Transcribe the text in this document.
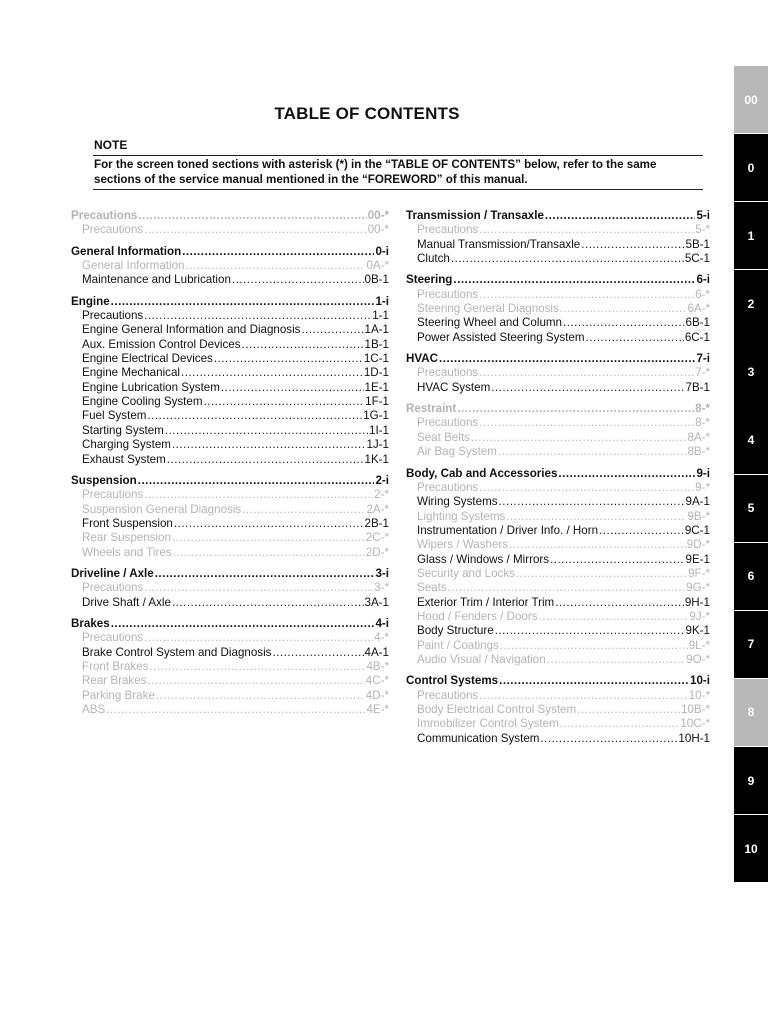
TABLE OF CONTENTS
NOTE
For the screen toned sections with asterisk (*) in the “TABLE OF CONTENTS” below, refer to the same sections of the service manual mentioned in the “FOREWORD” of this manual.
Precautions .....	00-*
Precautions .....	00-*
General Information .....	0-i
General Information .....	0A-*
Maintenance and Lubrication .....	0B-1
Engine .....	1-i
Precautions .....	1-1
Engine General Information and Diagnosis .....	1A-1
Aux. Emission Control Devices .....	1B-1
Engine Electrical Devices .....	1C-1
Engine Mechanical .....	1D-1
Engine Lubrication System .....	1E-1
Engine Cooling System .....	1F-1
Fuel System .....	1G-1
Starting System .....	1I-1
Charging System .....	1J-1
Exhaust System .....	1K-1
Suspension .....	2-i
Precautions .....	2-*
Suspension General Diagnosis .....	2A-*
Front Suspension .....	2B-1
Rear Suspension .....	2C-*
Wheels and Tires .....	2D-*
Driveline / Axle .....	3-i
Precautions .....	3-*
Drive Shaft / Axle .....	3A-1
Brakes .....	4-i
Precautions .....	4-*
Brake Control System and Diagnosis .....	4A-1
Front Brakes .....	4B-*
Rear Brakes .....	4C-*
Parking Brake .....	4D-*
ABS .....	4E-*
Transmission / Transaxle .....	5-i
Precautions .....	5-*
Manual Transmission/Transaxle .....	5B-1
Clutch .....	5C-1
Steering .....	6-i
Precautions .....	6-*
Steering General Diagnosis .....	6A-*
Steering Wheel and Column .....	6B-1
Power Assisted Steering System .....	6C-1
HVAC .....	7-i
Precautions .....	7-*
HVAC System .....	7B-1
Restraint .....	8-*
Precautions .....	8-*
Seat Belts .....	8A-*
Air Bag System .....	8B-*
Body, Cab and Accessories .....	9-i
Precautions .....	9-*
Wiring Systems .....	9A-1
Lighting Systems .....	9B-*
Instrumentation / Driver Info. / Horn .....	9C-1
Wipers / Washers .....	9D-*
Glass / Windows / Mirrors .....	9E-1
Security and Locks .....	9F-*
Seats .....	9G-*
Exterior Trim / Interior Trim .....	9H-1
Hood / Fenders / Doors .....	9J-*
Body Structure .....	9K-1
Paint / Coatings .....	9L-*
Audio Visual / Navigation .....	9O-*
Control Systems .....	10-i
Precautions .....	10-*
Body Electrical Control System .....	10B-*
Immobilizer Control System .....	10C-*
Communication System .....	10H-1
00
0
1
2
3
4
5
6
7
8
9
10
